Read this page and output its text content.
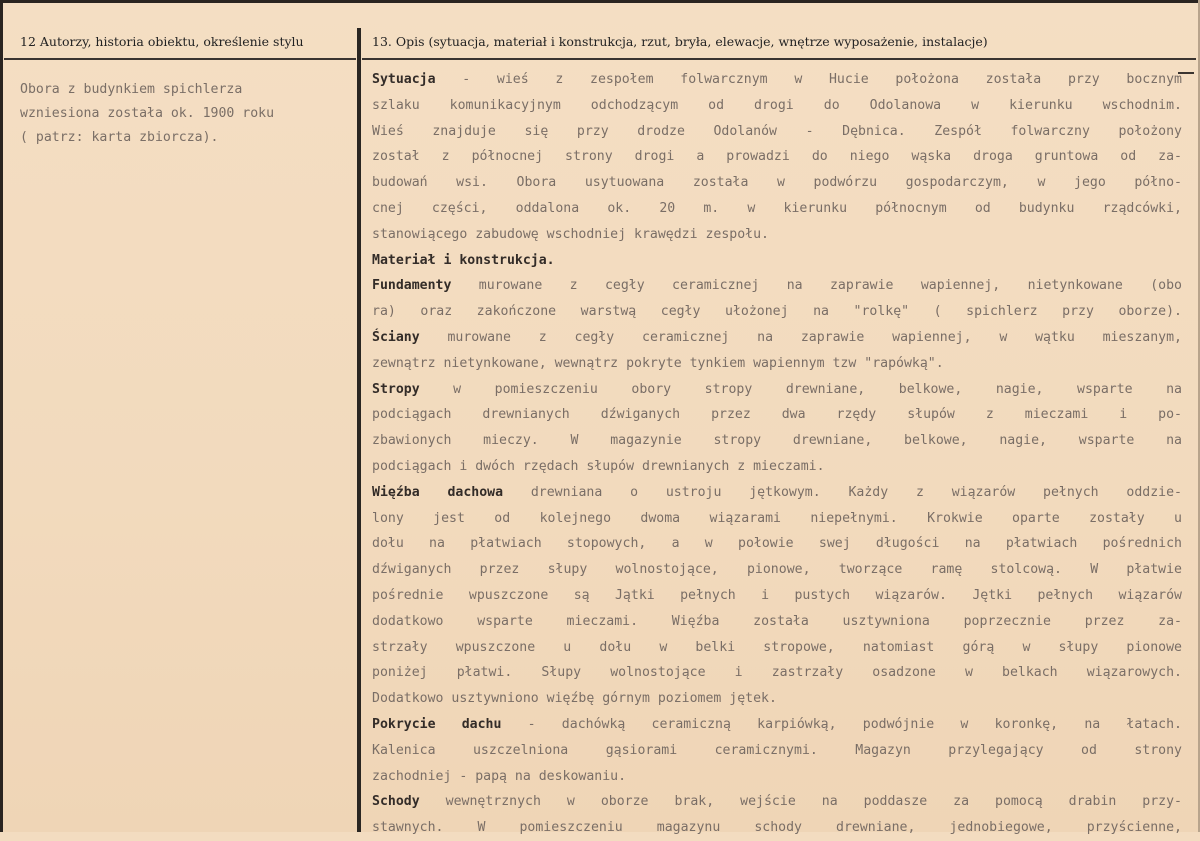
12 Autorzy, historia obiektu, określenie stylu	13. Opis (sytuacja, materiał i konstrukcja, rzut, bryła, elewacje, wnętrze wyposażenie, instalacje)
Obora z budynkiem spichlerza
wzniesiona została ok. 1900 roku
( patrz: karta zbiorcza).
Sytuacja - wieś z zespołem folwarcznym w Hucie położona została przy bocznym
szlaku komunikacyjnym odchodzącym od drogi do Odolanowa w kierunku wschodnim.
Wieś znajduje się przy drodze Odolanów - Dębnica. Zespół folwarczny położony
został z północnej strony drogi a prowadzi do niego wąska droga gruntowa od za-
budowań wsi. Obora usytuowana została w podwórzu gospodarczym, w jego półno-
cnej części, oddalona ok. 20 m. w kierunku północnym od budynku rządcówki,
stanowiącego zabudowę wschodniej krawędzi zespołu.
Materiał i konstrukcja.
Fundamenty murowane z cegły ceramicznej na zaprawie wapiennej, nietynkowane (obo
ra) oraz zakończone warstwą cegły ułożonej na "rolkę" ( spichlerz przy oborze).
Ściany murowane z cegły ceramicznej na zaprawie wapiennej, w wątku mieszanym,
zewnątrz nietynkowane, wewnątrz pokryte tynkiem wapiennym tzw "rapówką".
Stropy w pomieszczeniu obory stropy drewniane, belkowe, nagie, wsparte na
podciągach drewnianych dźwiganych przez dwa rzędy słupów z mieczami i po-
zbawionych mieczy. W magazynie stropy drewniane, belkowe, nagie, wsparte na
podciągach i dwóch rzędach słupów drewnianych z mieczami.
Więźba dachowa drewniana o ustroju jętkowym. Każdy z wiązarów pełnych oddzie-
lony jest od kolejnego dwoma wiązarami niepełnymi. Krokwie oparte zostały u
dołu na płatwiach stopowych, a w połowie swej długości na płatwiach pośrednich
dźwiganych przez słupy wolnostojące, pionowe, tworzące ramę stolcową. W płatwie
pośrednie wpuszczone są Jątki pełnych i pustych wiązarów. Jętki pełnych wiązarów
dodatkowo wsparte mieczami. Więźba została usztywniona poprzecznie przez za-
strzały wpuszczone u dołu w belki stropowe, natomiast górą w słupy pionowe
poniżej płatwi. Słupy wolnostojące i zastrzały osadzone w belkach wiązarowych.
Dodatkowo usztywniono więźbę górnym poziomem jętek.
Pokrycie dachu - dachówką ceramiczną karpiówką, podwójnie w koronkę, na łatach.
Kalenica uszczelniona gąsiorami ceramicznymi. Magazyn przylegający od strony
zachodniej - papą na deskowaniu.
Schody wewnętrznych w oborze brak, wejście na poddasze za pomocą drabin przy-
stawnych. W pomieszczeniu magazynu schody drewniane, jednobiegowe, przyścienne,
